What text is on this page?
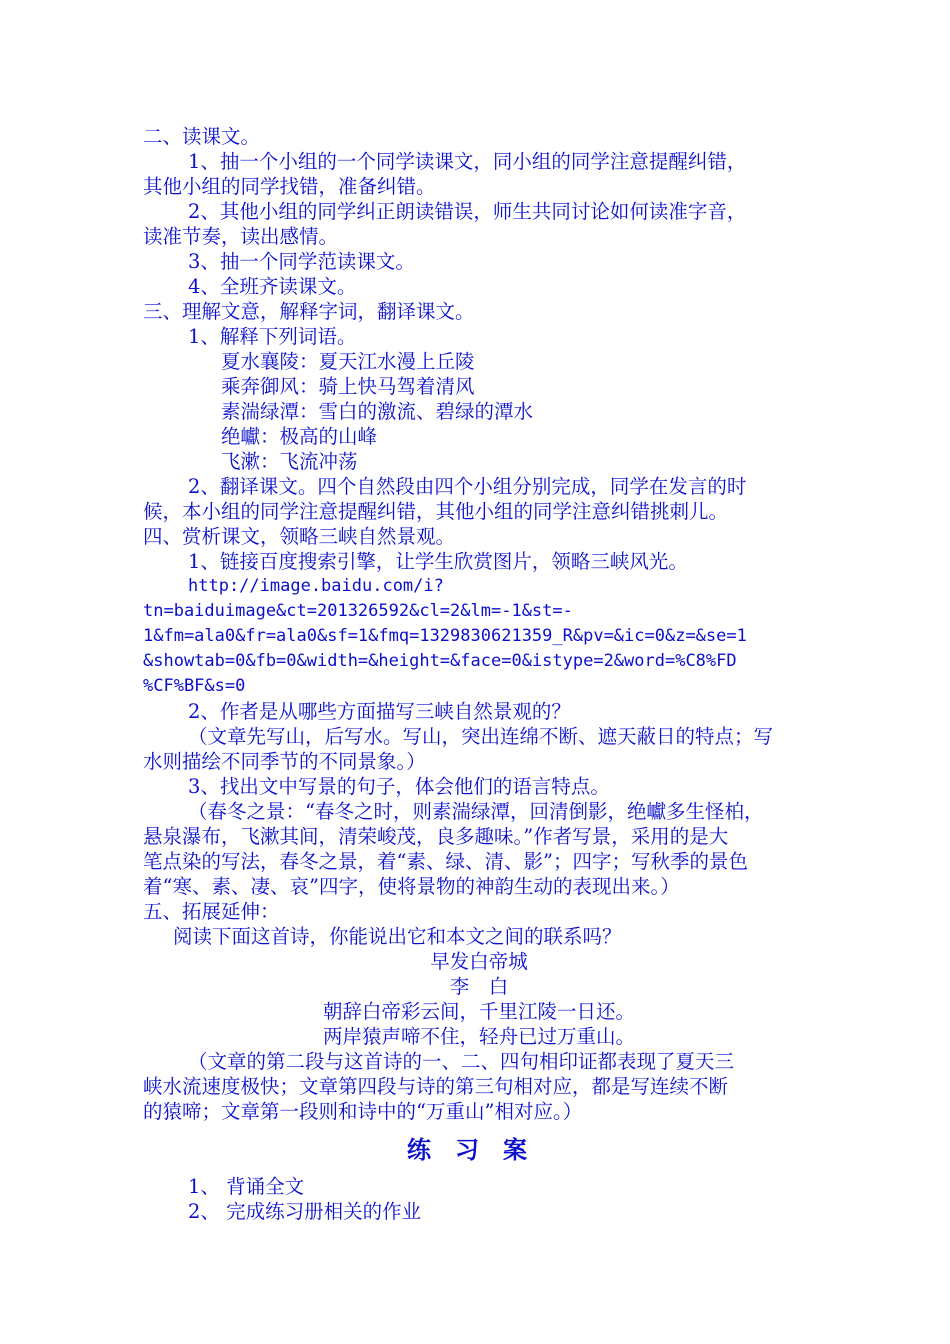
二、读课文。
1、抽一个小组的一个同学读课文，同小组的同学注意提醒纠错，
其他小组的同学找错，准备纠错。
2、其他小组的同学纠正朗读错误，师生共同讨论如何读准字音，
读准节奏，读出感情。
3、抽一个同学范读课文。
4、全班齐读课文。
三、理解文意，解释字词，翻译课文。
1、解释下列词语。
夏水襄陵：夏天江水漫上丘陵
乘奔御风：骑上快马驾着清风
素湍绿潭：雪白的激流、碧绿的潭水
绝巘：极高的山峰
飞漱：飞流冲荡
2、翻译课文。四个自然段由四个小组分别完成，同学在发言的时
候，本小组的同学注意提醒纠错，其他小组的同学注意纠错挑刺儿。
四、赏析课文，领略三峡自然景观。
1、链接百度搜索引擎，让学生欣赏图片，领略三峡风光。
http://image.baidu.com/i?
tn=baiduimage&ct=201326592&cl=2&lm=-1&st=-
1&fm=ala0&fr=ala0&sf=1&fmq=1329830621359_R&pv=&ic=0&z=&se=1
&showtab=0&fb=0&width=&height=&face=0&istype=2&word=%C8%FD
%CF%BF&s=0
2、作者是从哪些方面描写三峡自然景观的？
（文章先写山，后写水。写山，突出连绵不断、遮天蔽日的特点；写
水则描绘不同季节的不同景象。）
3、找出文中写景的句子，体会他们的语言特点。
（春冬之景：“春冬之时，则素湍绿潭，回清倒影，绝巘多生怪柏，
悬泉瀑布，飞漱其间，清荣峻茂，良多趣味。”作者写景，采用的是大
笔点染的写法，春冬之景，着“素、绿、清、影”；四字；写秋季的景色
着“寒、素、凄、哀”四字，使将景物的神韵生动的表现出来。）
五、拓展延伸：
阅读下面这首诗，你能说出它和本文之间的联系吗？
早发白帝城
李　白
朝辞白帝彩云间，千里江陵一日还。
两岸猿声啼不住，轻舟已过万重山。
（文章的第二段与这首诗的一、二、四句相印证都表现了夏天三
峡水流速度极快；文章第四段与诗的第三句相对应，都是写连续不断
的猿啼；文章第一段则和诗中的“万重山”相对应。）
练习案
1、 背诵全文
2、 完成练习册相关的作业
